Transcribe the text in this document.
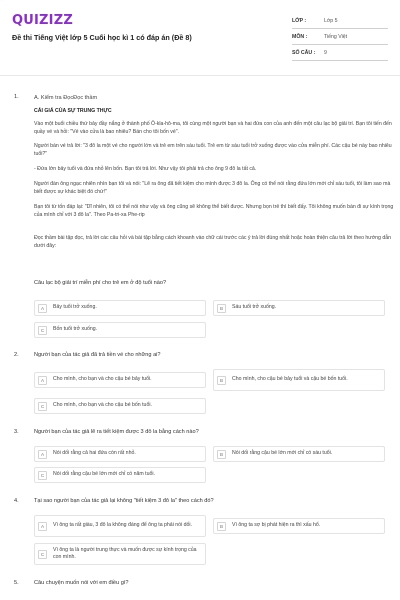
QUIZIZZ
Đề thi Tiếng Việt lớp 5 Cuối học kì 1 có đáp án (Đề 8)
LỚP :	Lớp 5
MÔN :	Tiếng Việt
SỐ CÂU :	9
1.	A. Kiểm tra ĐọcĐọc thầm
CÁI GIÁ CỦA SỰ TRUNG THỰC
Vào một buổi chiều thứ bảy đầy nắng ở thành phố Ô-kla-hô-ma, tôi cùng một người bạn và hai đứa con của anh đến một câu lạc bộ giải trí. Bạn tôi tiến đến quầy vé và hỏi: "Vé vào cửa là bao nhiêu? Bán cho tôi bốn vé".
Người bán vé trả lời: "3 đô la một vé cho người lớn và trẻ em trên sáu tuổi. Trẻ em từ sáu tuổi trở xuống được vào cửa miễn phí. Các cậu bé này bao nhiêu tuổi?"
- Đứa lớn bảy tuổi và đứa nhỏ lên bốn. Bạn tôi trả lời. Như vậy tôi phải trả cho ông 9 đô la tất cả.
Người đàn ông ngạc nhiên nhìn bạn tôi và nói: "Lẽ ra ông đã tiết kiệm cho mình được 3 đô la. Ông có thể nói rằng đứa lớn mới chỉ sáu tuổi, tôi làm sao mà biết được sự khác biệt đó chứ!"
Bạn tôi từ tốn đáp lại: "Dĩ nhiên, tôi có thể nói như vậy và ông cũng sẽ không thể biết được. Nhưng bọn trẻ thì biết đấy. Tôi không muốn bán đi sự kính trọng của mình chỉ với 3 đô la". Theo Pa-tri-xa Phe-rip
Đọc thầm bài tập đọc, trả lời các câu hỏi và bài tập bằng cách khoanh vào chữ cái trước các ý trả lời đúng nhất hoặc hoàn thiện câu trả lời theo hướng dẫn dưới đây:
Câu lạc bộ giải trí miễn phí cho trẻ em ở độ tuổi nào?
A	Bảy tuổi trở xuống.	B	Sáu tuổi trở xuống.
C	Bốn tuổi trở xuống.
2.	Người bạn của tác giả đã trả tiền vé cho những ai?
A	Cho mình, cho bạn và cho cậu bé bảy tuổi.	B	Cho mình, cho cậu bé bảy tuổi và cậu bé bốn tuổi.
C	Cho mình, cho bạn và cho cậu bé bốn tuổi.
3.	Người bạn của tác giả lẽ ra tiết kiệm được 3 đô la bằng cách nào?
A	Nói dối rằng cả hai đứa còn rất nhỏ.	B	Nói dối rằng cậu bé lớn mới chỉ có sáu tuổi.
C	Nói dối rằng cậu bé lớn mới chỉ có năm tuổi.
4.	Tại sao người bạn của tác giả lại không "tiết kiệm 3 đô la" theo cách đó?
A	Vì ông ta rất giàu, 3 đô la không đáng để ông ta phải nói dối.	B	Vì ông ta sợ bị phát hiện ra thì xấu hổ.
C
Vì ông ta là người trung thực và muốn được sự kính trọng của con mình.
5.	Câu chuyện muốn nói với em điều gì?
